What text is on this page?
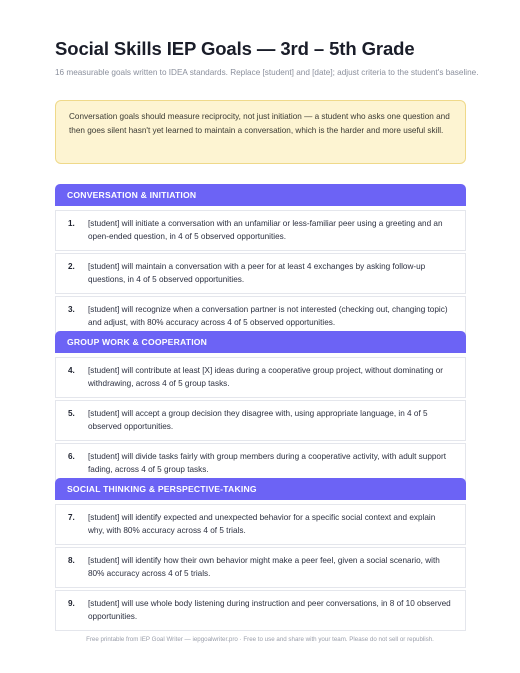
Social Skills IEP Goals — 3rd – 5th Grade
16 measurable goals written to IDEA standards. Replace [student] and [date]; adjust criteria to the student's baseline.
Conversation goals should measure reciprocity, not just initiation — a student who asks one question and then goes silent hasn't yet learned to maintain a conversation, which is the harder and more useful skill.
CONVERSATION & INITIATION
1. [student] will initiate a conversation with an unfamiliar or less-familiar peer using a greeting and an open-ended question, in 4 of 5 observed opportunities.
2. [student] will maintain a conversation with a peer for at least 4 exchanges by asking follow-up questions, in 4 of 5 observed opportunities.
3. [student] will recognize when a conversation partner is not interested (checking out, changing topic) and adjust, with 80% accuracy across 4 of 5 observed opportunities.
GROUP WORK & COOPERATION
4. [student] will contribute at least [X] ideas during a cooperative group project, without dominating or withdrawing, across 4 of 5 group tasks.
5. [student] will accept a group decision they disagree with, using appropriate language, in 4 of 5 observed opportunities.
6. [student] will divide tasks fairly with group members during a cooperative activity, with adult support fading, across 4 of 5 group tasks.
SOCIAL THINKING & PERSPECTIVE-TAKING
7. [student] will identify expected and unexpected behavior for a specific social context and explain why, with 80% accuracy across 4 of 5 trials.
8. [student] will identify how their own behavior might make a peer feel, given a social scenario, with 80% accuracy across 4 of 5 trials.
9. [student] will use whole body listening during instruction and peer conversations, in 8 of 10 observed opportunities.
Free printable from IEP Goal Writer — iepgoalwriter.pro · Free to use and share with your team. Please do not sell or republish.
